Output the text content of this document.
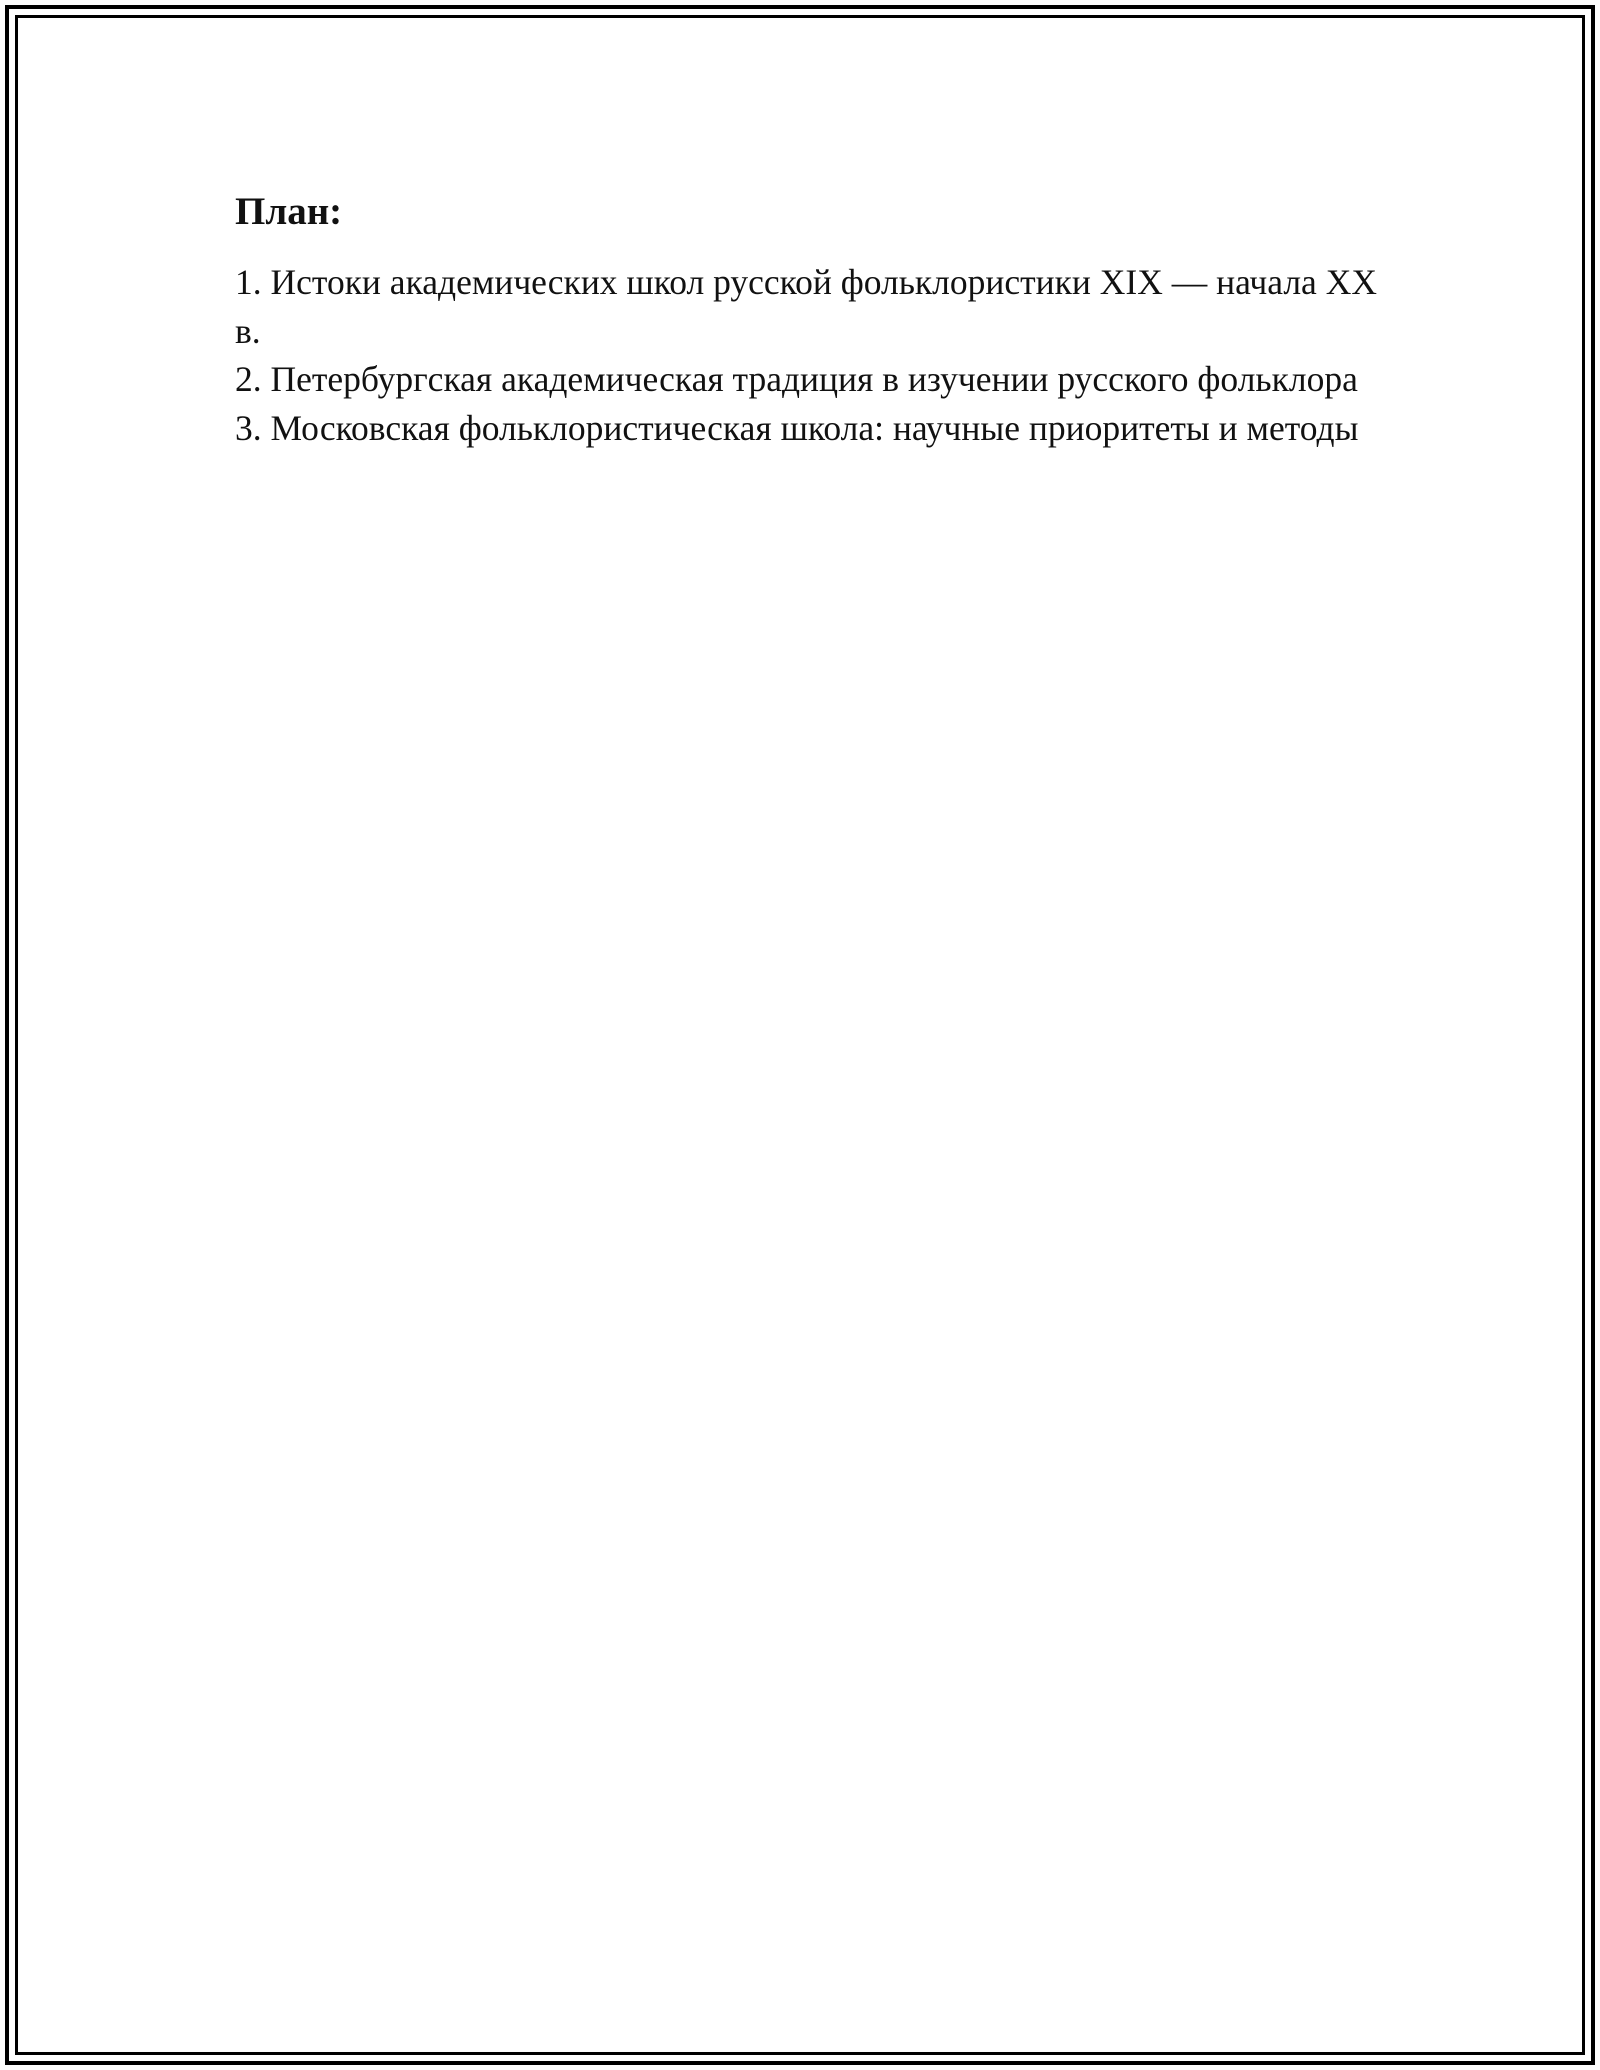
План:
1. Истоки академических школ русской фольклористики XIX — начала XX в.
2. Петербургская академическая традиция в изучении русского фольклора
3. Московская фольклористическая школа: научные приоритеты и методы
